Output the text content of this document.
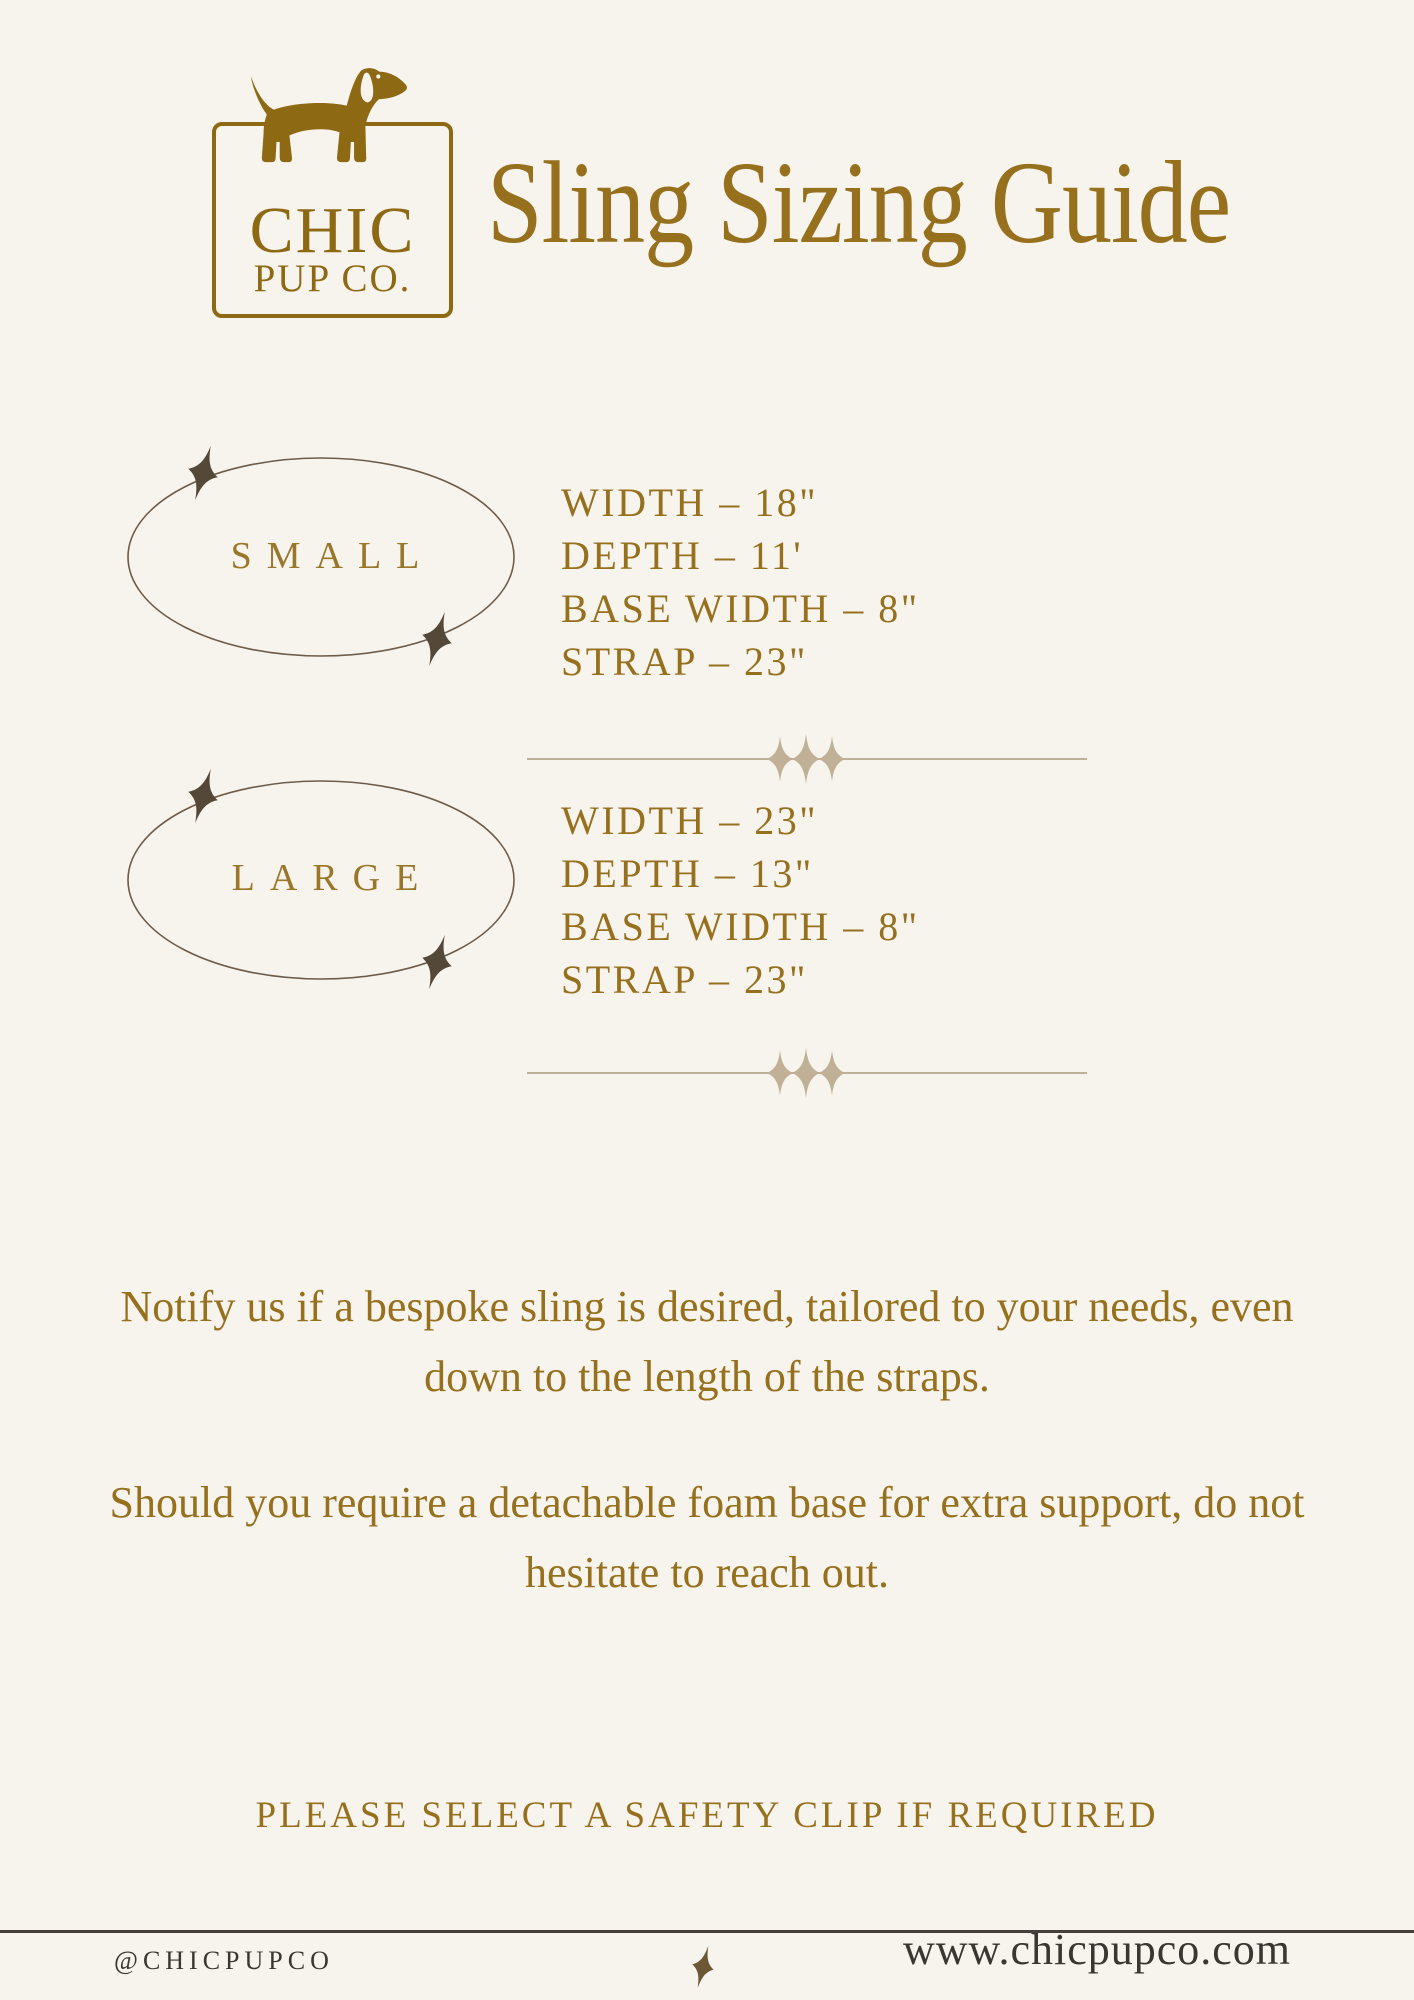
CHIC
PUP CO.
Sling Sizing Guide
SMALL
WIDTH – 18"
DEPTH – 11'
BASE WIDTH – 8"
STRAP – 23"
LARGE
WIDTH – 23"
DEPTH – 13"
BASE WIDTH – 8"
STRAP – 23"
Notify us if a bespoke sling is desired, tailored to your needs, even down to the length of the straps.
Should you require a detachable foam base for extra support, do not hesitate to reach out.
PLEASE SELECT A SAFETY CLIP IF REQUIRED
@CHICPUPCO	www.chicpupco.com
